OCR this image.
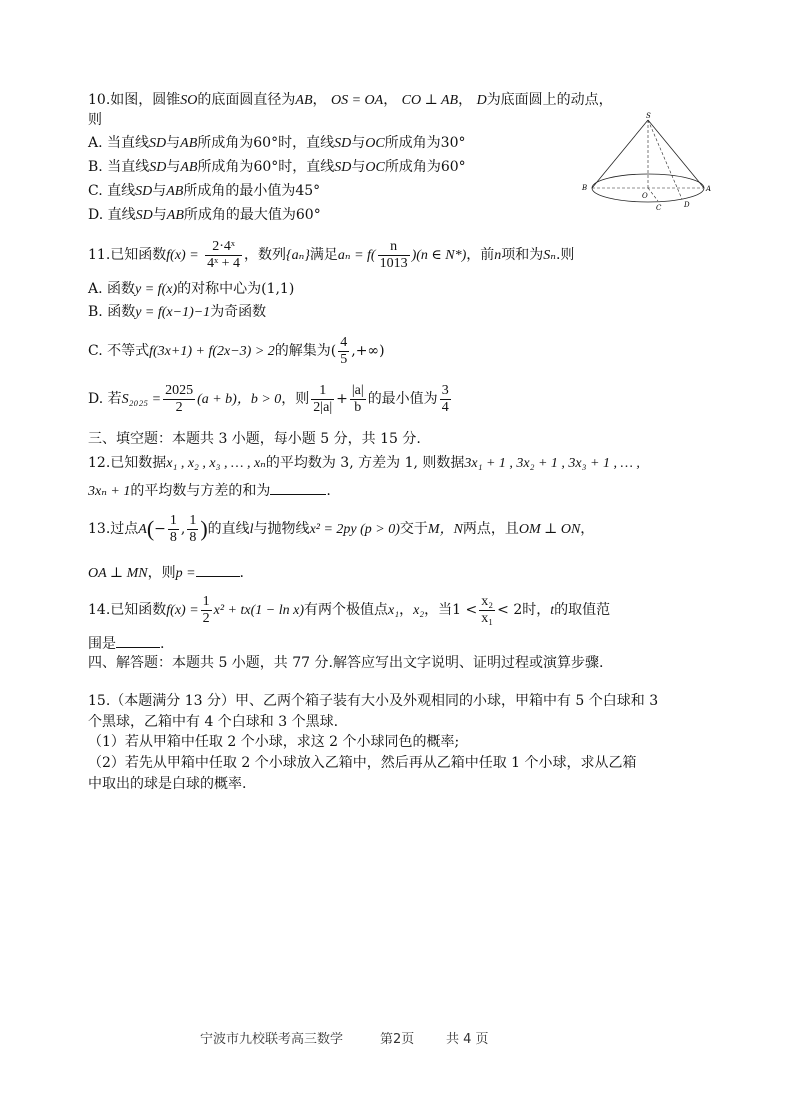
10.如图，圆锥SO的底面圆直径为AB， OS = OA， CO ⊥ AB， D为底面圆上的动点，
则
A. 当直线SD与AB所成角为60°时，直线SD与OC所成角为30°
B. 当直线SD与AB所成角为60°时，直线SD与OC所成角为60°
C. 直线SD与AB所成角的最小值为45°
D. 直线SD与AB所成角的最大值为60°
S
B
O
C	D
A
11.已知函数$f(x) = \frac{\text{2·4ˣ}}{\text{4ˣ + 4}}$ ，数列{aₙ}满足$a_n = f( \frac{n}{1013} )(n$ ∈ N*)，前n项和为Sₙ.则
A. 函数y = f(x)的对称中心为(1,1)
B. 函数y = f(x−1)−1为奇函数
C. 不等式f(3x+1) + f(2x−3) > 2的解集为( $\frac{4}{5}$ ,+∞)
D. 若$S_{2025} = \frac{2025}{2} (a + b)$，b > 0，则 $\frac{1}{2|a|} + \frac{|a|}{b}$ 的最小值为 $\frac{3}{4}$
三、填空题：本题共 3 小题，每小题 5 分，共 15 分.
12.已知数据x₁ , x₂ , x₃ , … , xₙ的平均数为 3, 方差为 1, 则数据3x₁ + 1 , 3x₂ + 1 , 3x₃ + 1 , … ,
3xₙ + 1的平均数与方差的和为	.
13.过点$A(- \frac{1}{8}$ , $\frac{1}{8}$ )的直线l与抛物线x² = 2py (p > 0)交于M，N两点，且OM ⊥ ON，
OA ⊥ MN，则p =	.
14.已知函数$f(x) = \frac{1}{2} x^2 + tx(1 - \ln x)$有两个极值点x₁，x₂，当$1 < \frac{\text{x₂}}{\text{x₁}} < 2$时，t的取值范
围是	.
四、解答题：本题共 5 小题，共 77 分.解答应写出文字说明、证明过程或演算步骤.
15.（本题满分 13 分）甲、乙两个箱子装有大小及外观相同的小球，甲箱中有 5 个白球和 3
个黑球，乙箱中有 4 个白球和 3 个黑球.
（1）若从甲箱中任取 2 个小球，求这 2 个小球同色的概率;
（2）若先从甲箱中任取 2 个小球放入乙箱中，然后再从乙箱中任取 1 个小球，求从乙箱
中取出的球是白球的概率.
宁波市九校联考高三数学	第2页 共 4 页
